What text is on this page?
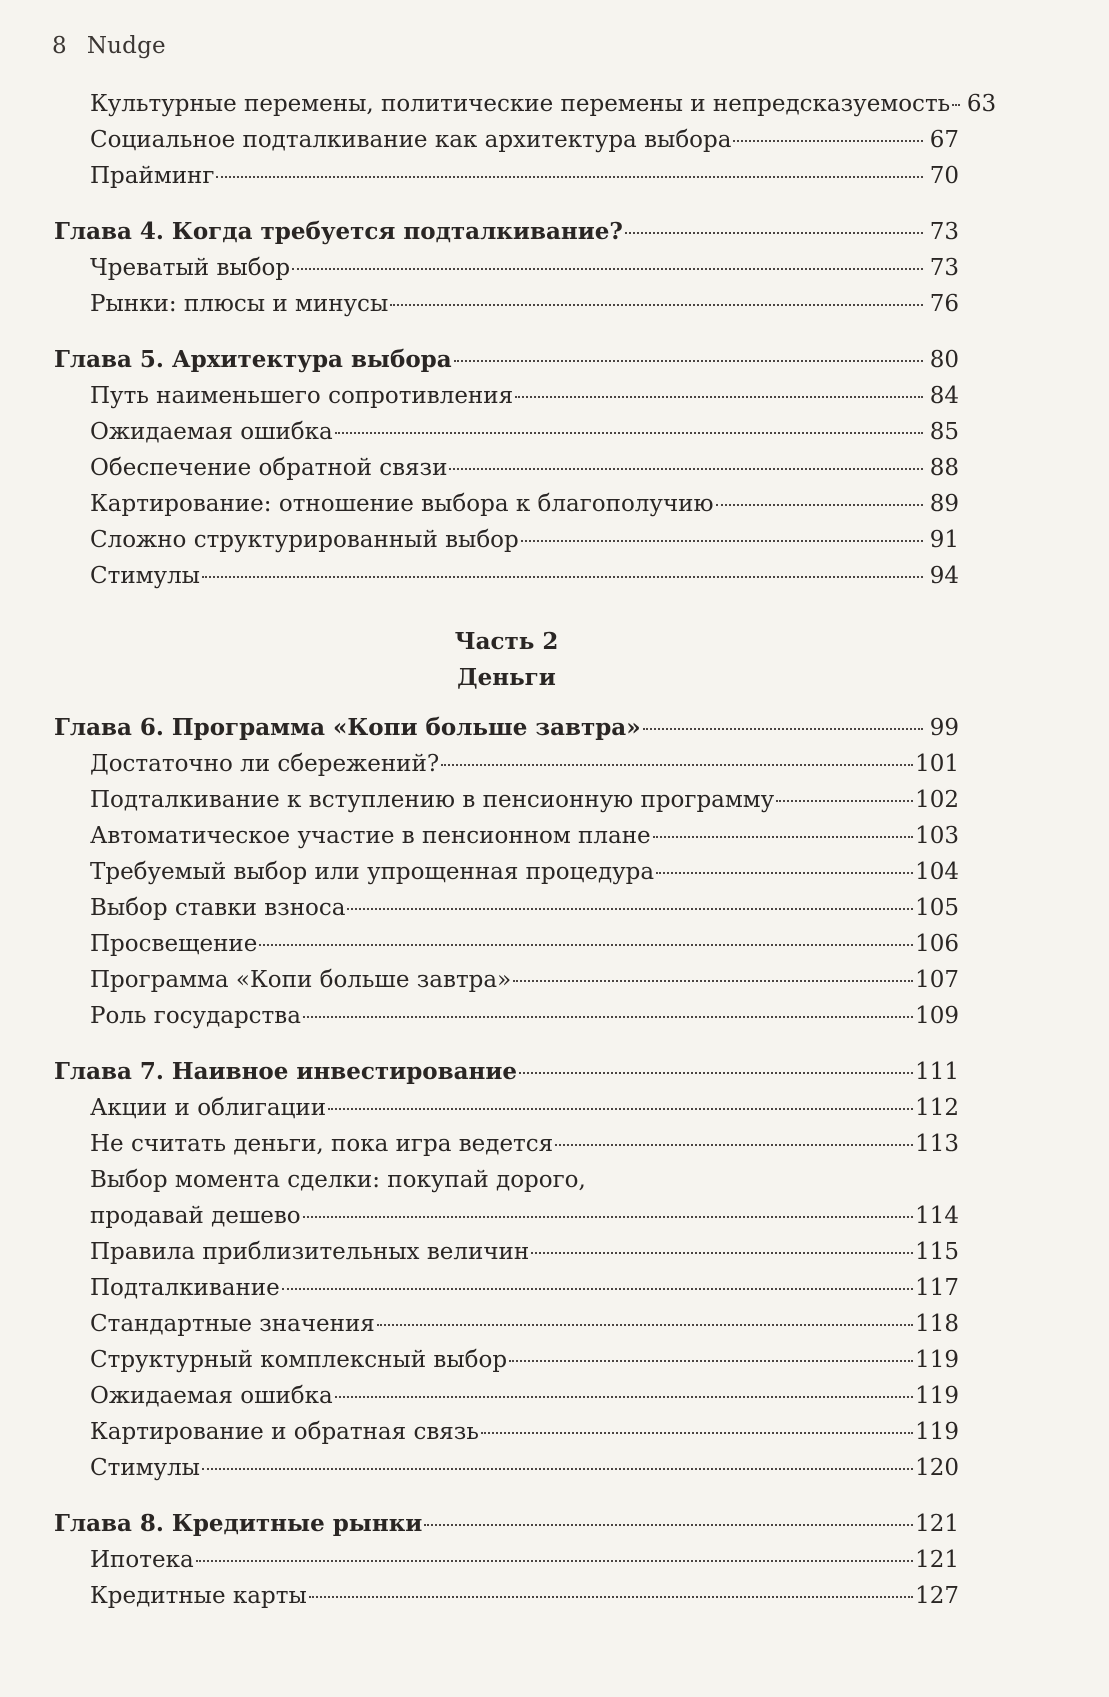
8 Nudge
Культурные перемены, политические перемены и непредсказуемость 63
Социальное подталкивание как архитектура выбора	67
Прайминг	70
Глава 4. Когда требуется подталкивание?	73
Чреватый выбор	73
Рынки: плюсы и минусы	76
Глава 5. Архитектура выбора	80
Путь наименьшего сопротивления	84
Ожидаемая ошибка	85
Обеспечение обратной связи	88
Картирование: отношение выбора к благополучию	89
Сложно структурированный выбор	91
Стимулы	94
Часть 2
Деньги
Глава 6. Программа «Копи больше завтра»	99
Достаточно ли сбережений?	101
Подталкивание к вступлению в пенсионную программу	102
Автоматическое участие в пенсионном плане	103
Требуемый выбор или упрощенная процедура	104
Выбор ставки взноса	105
Просвещение	106
Программа «Копи больше завтра»	107
Роль государства	109
Глава 7. Наивное инвестирование	111
Акции и облигации	112
Не считать деньги, пока игра ведется	113
Выбор момента сделки: покупай дорого,
продавай дешево	114
Правила приблизительных величин	115
Подталкивание	117
Стандартные значения	118
Структурный комплексный выбор	119
Ожидаемая ошибка	119
Картирование и обратная связь	119
Стимулы	120
Глава 8. Кредитные рынки	121
Ипотека	121
Кредитные карты	127
